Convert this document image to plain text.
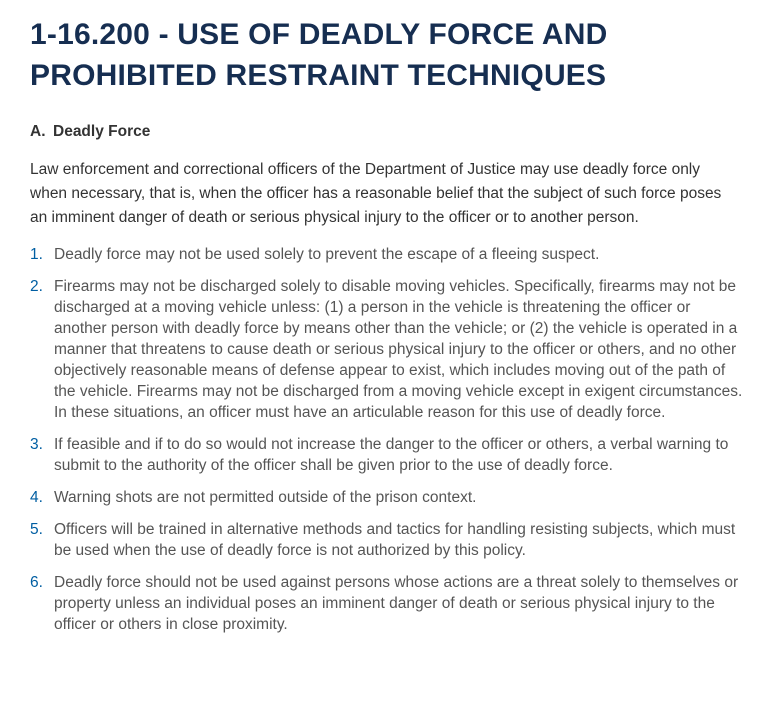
1-16.200 - USE OF DEADLY FORCE AND
PROHIBITED RESTRAINT TECHNIQUES
A. Deadly Force

Law enforcement and correctional officers of the Department of Justice may use deadly force only when necessary, that is, when the officer has a reasonable belief that the subject of such force poses an imminent danger of death or serious physical injury to the officer or to another person.

1. Deadly force may not be used solely to prevent the escape of a fleeing suspect.
2. Firearms may not be discharged solely to disable moving vehicles. Specifically, firearms may not be discharged at a moving vehicle unless: (1) a person in the vehicle is threatening the officer or another person with deadly force by means other than the vehicle; or (2) the vehicle is operated in a manner that threatens to cause death or serious physical injury to the officer or others, and no other objectively reasonable means of defense appear to exist, which includes moving out of the path of the vehicle. Firearms may not be discharged from a moving vehicle except in exigent circumstances. In these situations, an officer must have an articulable reason for this use of deadly force.
3. If feasible and if to do so would not increase the danger to the officer or others, a verbal warning to submit to the authority of the officer shall be given prior to the use of deadly force.
4. Warning shots are not permitted outside of the prison context.
5. Officers will be trained in alternative methods and tactics for handling resisting subjects, which must be used when the use of deadly force is not authorized by this policy.
6. Deadly force should not be used against persons whose actions are a threat solely to themselves or property unless an individual poses an imminent danger of death or serious physical injury to the officer or others in close proximity.
